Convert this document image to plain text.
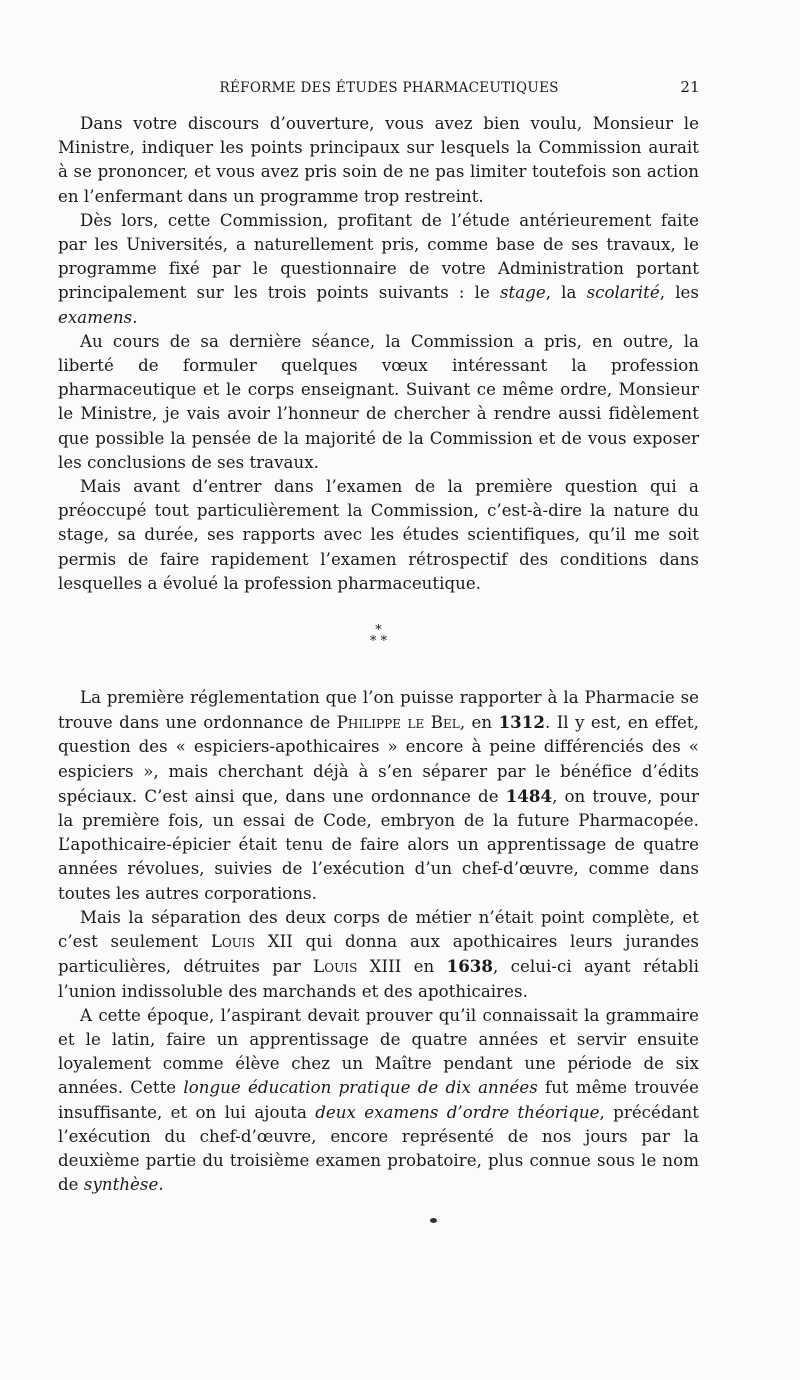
RÉFORME DES ÉTUDES PHARMACEUTIQUES	21

Dans votre discours d’ouverture, vous avez bien voulu, Monsieur le Ministre, indiquer les points principaux sur lesquels la Commission aurait à se prononcer, et vous avez pris soin de ne pas limiter toutefois son action en l’enfermant dans un programme trop restreint.

Dès lors, cette Commission, profitant de l’étude antérieurement faite par les Universités, a naturellement pris, comme base de ses travaux, le programme fixé par le questionnaire de votre Administration portant principalement sur les trois points suivants : le stage, la scolarité, les examens.

Au cours de sa dernière séance, la Commission a pris, en outre, la liberté de formuler quelques vœux intéressant la profession pharmaceutique et le corps enseignant. Suivant ce même ordre, Monsieur le Ministre, je vais avoir l’honneur de chercher à rendre aussi fidèlement que possible la pensée de la majorité de la Commission et de vous exposer les conclusions de ses travaux.

Mais avant d’entrer dans l’examen de la première question qui a préoccupé tout particulièrement la Commission, c’est-à-dire la nature du stage, sa durée, ses rapports avec les études scientifiques, qu’il me soit permis de faire rapidement l’examen rétrospectif des conditions dans lesquelles a évolué la profession pharmaceutique.

*
* *

La première réglementation que l’on puisse rapporter à la Pharmacie se trouve dans une ordonnance de Philippe le Bel, en 1312. Il y est, en effet, question des « espiciers-apothicaires » encore à peine différenciés des « espiciers », mais cherchant déjà à s’en séparer par le bénéfice d’édits spéciaux. C’est ainsi que, dans une ordonnance de 1484, on trouve, pour la première fois, un essai de Code, embryon de la future Pharmacopée. L’apothicaire-épicier était tenu de faire alors un apprentissage de quatre années révolues, suivies de l’exécution d’un chef-d’œuvre, comme dans toutes les autres corporations.

Mais la séparation des deux corps de métier n’était point complète, et c’est seulement Louis XII qui donna aux apothicaires leurs jurandes particulières, détruites par Louis XIII en 1638, celui-ci ayant rétabli l’union indissoluble des marchands et des apothicaires.

A cette époque, l’aspirant devait prouver qu’il connaissait la grammaire et le latin, faire un apprentissage de quatre années et servir ensuite loyalement comme élève chez un Maître pendant une période de six années. Cette longue éducation pratique de dix années fut même trouvée insuffisante, et on lui ajouta deux examens d’ordre théorique, précédant l’exécution du chef-d’œuvre, encore représenté de nos jours par la deuxième partie du troisième examen probatoire, plus connue sous le nom de synthèse.
